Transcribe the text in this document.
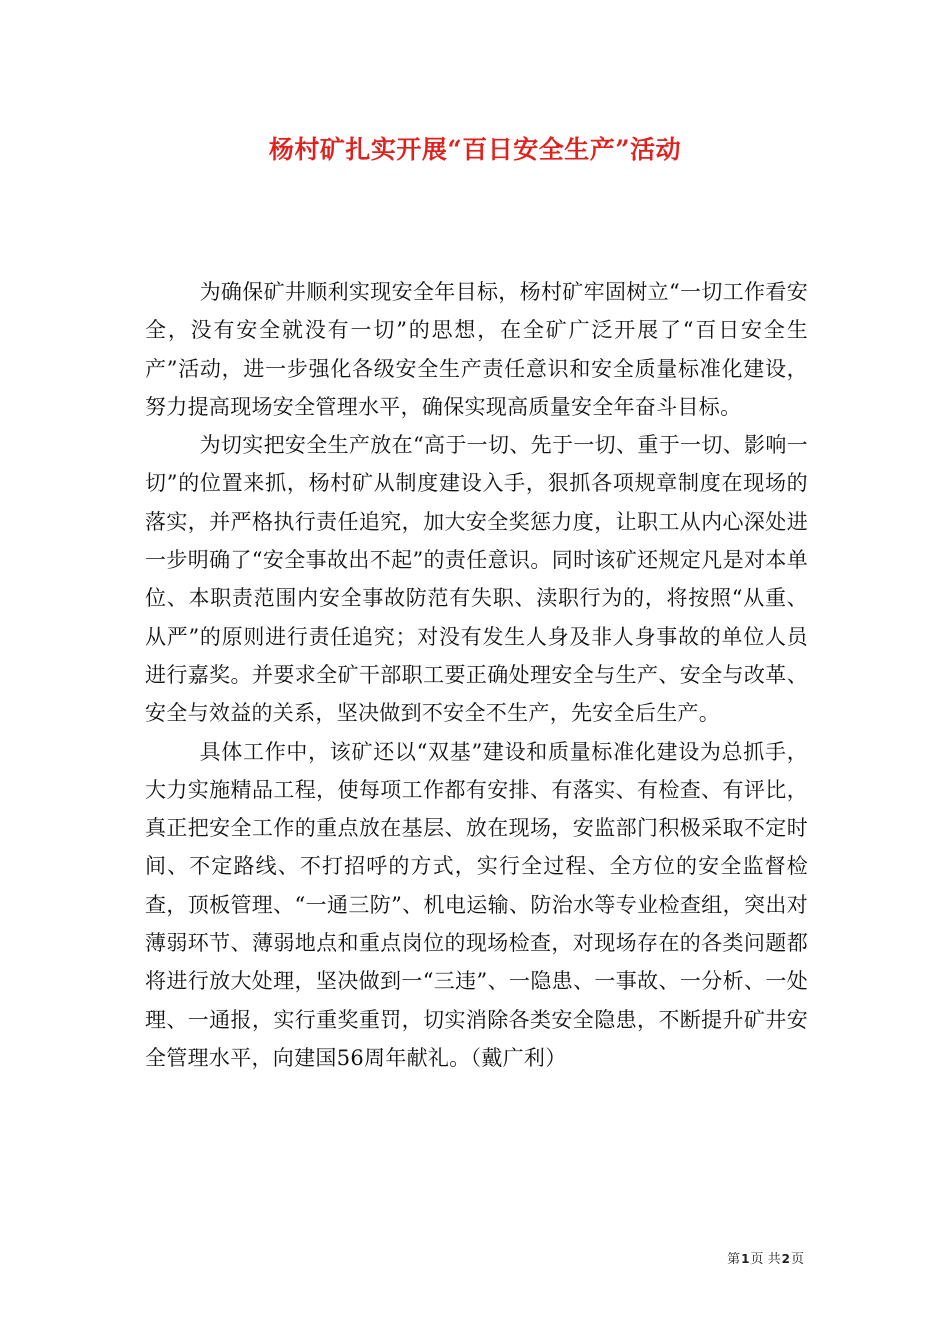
杨村矿扎实开展“百日安全生产”活动

为确保矿井顺利实现安全年目标，杨村矿牢固树立“一切工作看安全，没有安全就没有一切”的思想，在全矿广泛开展了“百日安全生产”活动，进一步强化各级安全生产责任意识和安全质量标准化建设，努力提高现场安全管理水平，确保实现高质量安全年奋斗目标。

为切实把安全生产放在“高于一切、先于一切、重于一切、影响一切”的位置来抓，杨村矿从制度建设入手，狠抓各项规章制度在现场的落实，并严格执行责任追究，加大安全奖惩力度，让职工从内心深处进一步明确了“安全事故出不起”的责任意识。同时该矿还规定凡是对本单位、本职责范围内安全事故防范有失职、渎职行为的，将按照“从重、从严”的原则进行责任追究；对没有发生人身及非人身事故的单位人员进行嘉奖。并要求全矿干部职工要正确处理安全与生产、安全与改革、安全与效益的关系，坚决做到不安全不生产，先安全后生产。

具体工作中，该矿还以“双基”建设和质量标准化建设为总抓手，大力实施精品工程，使每项工作都有安排、有落实、有检查、有评比，真正把安全工作的重点放在基层、放在现场，安监部门积极采取不定时间、不定路线、不打招呼的方式，实行全过程、全方位的安全监督检查，顶板管理、“一通三防”、机电运输、防治水等专业检查组，突出对薄弱环节、薄弱地点和重点岗位的现场检查，对现场存在的各类问题都将进行放大处理，坚决做到一“三违”、一隐患、一事故、一分析、一处理、一通报，实行重奖重罚，切实消除各类安全隐患，不断提升矿井安全管理水平，向建国56周年献礼。（戴广利）

第1页 共2页
